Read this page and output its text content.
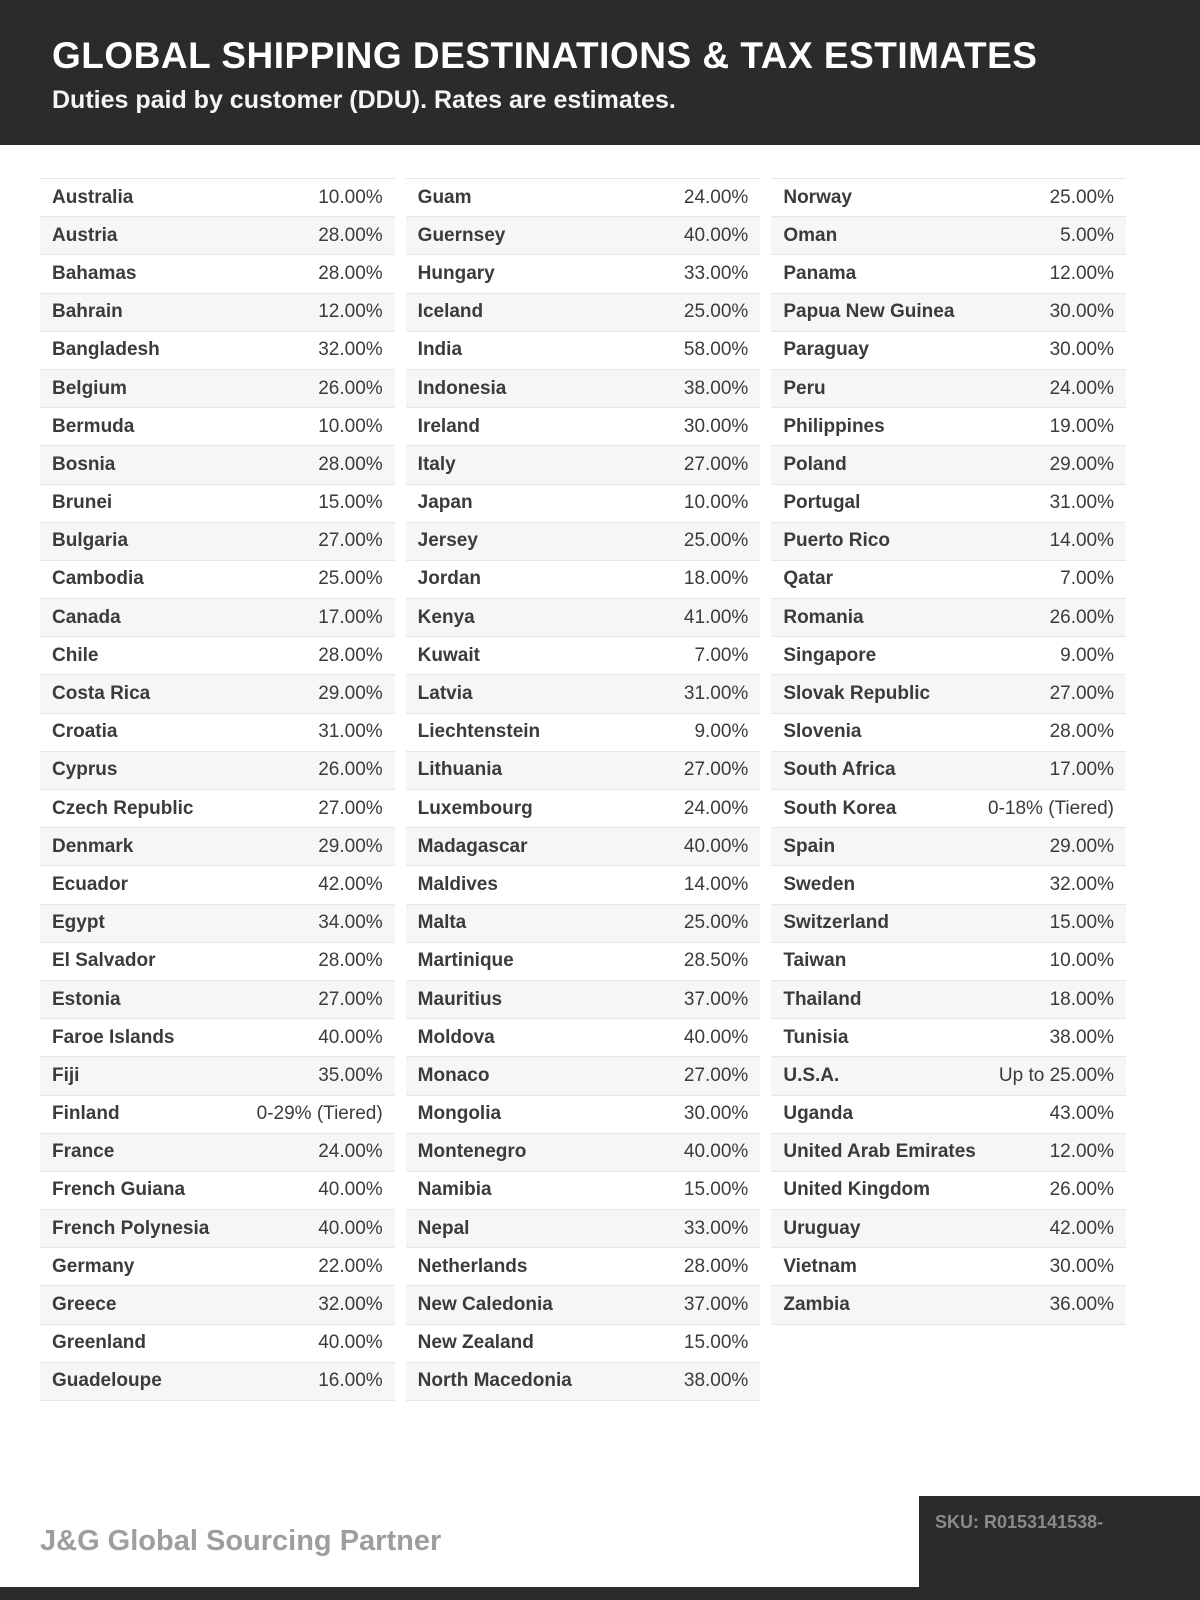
GLOBAL SHIPPING DESTINATIONS & TAX ESTIMATES
Duties paid by customer (DDU). Rates are estimates.
Australia	10.00%
Austria	28.00%
Bahamas	28.00%
Bahrain	12.00%
Bangladesh	32.00%
Belgium	26.00%
Bermuda	10.00%
Bosnia	28.00%
Brunei	15.00%
Bulgaria	27.00%
Cambodia	25.00%
Canada	17.00%
Chile	28.00%
Costa Rica	29.00%
Croatia	31.00%
Cyprus	26.00%
Czech Republic	27.00%
Denmark	29.00%
Ecuador	42.00%
Egypt	34.00%
El Salvador	28.00%
Estonia	27.00%
Faroe Islands	40.00%
Fiji	35.00%
Finland	0-29% (Tiered)
France	24.00%
French Guiana	40.00%
French Polynesia	40.00%
Germany	22.00%
Greece	32.00%
Greenland	40.00%
Guadeloupe	16.00%
Guam	24.00%
Guernsey	40.00%
Hungary	33.00%
Iceland	25.00%
India	58.00%
Indonesia	38.00%
Ireland	30.00%
Italy	27.00%
Japan	10.00%
Jersey	25.00%
Jordan	18.00%
Kenya	41.00%
Kuwait	7.00%
Latvia	31.00%
Liechtenstein	9.00%
Lithuania	27.00%
Luxembourg	24.00%
Madagascar	40.00%
Maldives	14.00%
Malta	25.00%
Martinique	28.50%
Mauritius	37.00%
Moldova	40.00%
Monaco	27.00%
Mongolia	30.00%
Montenegro	40.00%
Namibia	15.00%
Nepal	33.00%
Netherlands	28.00%
New Caledonia	37.00%
New Zealand	15.00%
North Macedonia	38.00%
Norway	25.00%
Oman	5.00%
Panama	12.00%
Papua New Guinea	30.00%
Paraguay	30.00%
Peru	24.00%
Philippines	19.00%
Poland	29.00%
Portugal	31.00%
Puerto Rico	14.00%
Qatar	7.00%
Romania	26.00%
Singapore	9.00%
Slovak Republic	27.00%
Slovenia	28.00%
South Africa	17.00%
South Korea	0-18% (Tiered)
Spain	29.00%
Sweden	32.00%
Switzerland	15.00%
Taiwan	10.00%
Thailand	18.00%
Tunisia	38.00%
U.S.A.	Up to 25.00%
Uganda	43.00%
United Arab Emirates	12.00%
United Kingdom	26.00%
Uruguay	42.00%
Vietnam	30.00%
Zambia	36.00%
J&G Global Sourcing Partner
SKU: R0153141538-
